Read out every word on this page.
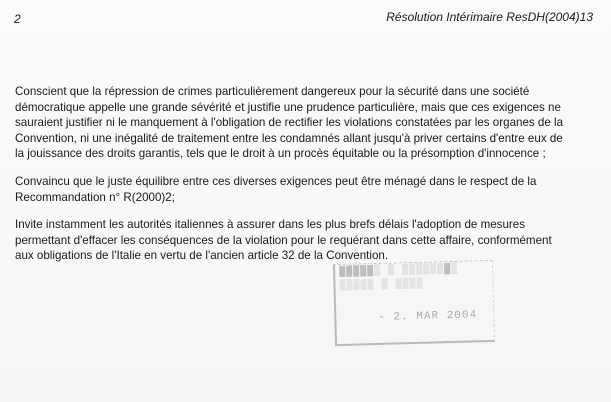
2	Résolution Intérimaire ResDH(2004)13

Conscient que la répression de crimes particulièrement dangereux pour la sécurité dans une société
démocratique appelle une grande sévérité et justifie une prudence particulière, mais que ces exigences ne
sauraient justifier ni le manquement à l'obligation de rectifier les violations constatées par les organes de la
Convention, ni une inégalité de traitement entre les condamnés allant jusqu'à priver certains d'entre eux de
la jouissance des droits garantis, tels que le droit à un procès équitable ou la présomption d'innocence ;

Convaincu que le juste équilibre entre ces diverses exigences peut être ménagé dans le respect de la
Recommandation n° R(2000)2;

Invite instamment les autorités italiennes à assurer dans les plus brefs délais l'adoption de mesures
permettant d'effacer les conséquences de la violation pour le requérant dans cette affaire, conformément
aux obligations de l'Italie en vertu de l'ancien article 32 de la Convention.

▓▓▓▓▓▒ ▒ ▒▒▒▒▒▒▓▒
▒▒▒▒▒ ▒ ▒▒▒▒
- 2. MAR 2004
